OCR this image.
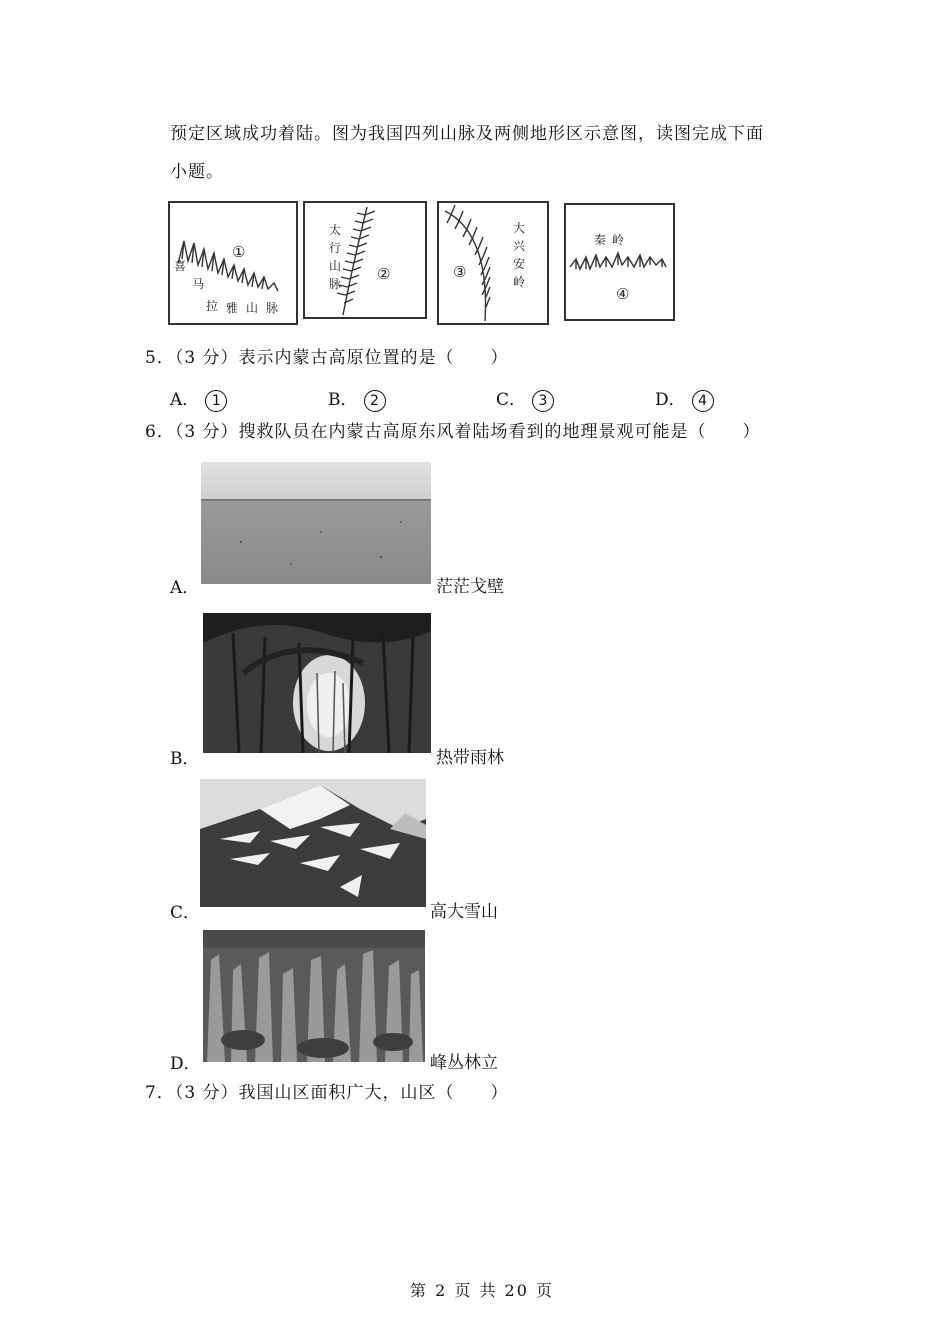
预定区域成功着陆。图为我国四列山脉及两侧地形区示意图，读图完成下面
小题。
喜
马
拉 雅 山 脉
①
太
行
山
脉
②
大
兴
安
岭
③
秦 岭
④
5．（3 分）表示内蒙古高原位置的是（　　）
A． 1	B． 2	C． 3	D． 4
6．（3 分）搜救队员在内蒙古高原东风着陆场看到的地理景观可能是（　　）
A．	茫茫戈壁
B．	热带雨林
C．	高大雪山
D．	峰丛林立
7．（3 分）我国山区面积广大，山区（　　）
第 2 页 共 20 页
